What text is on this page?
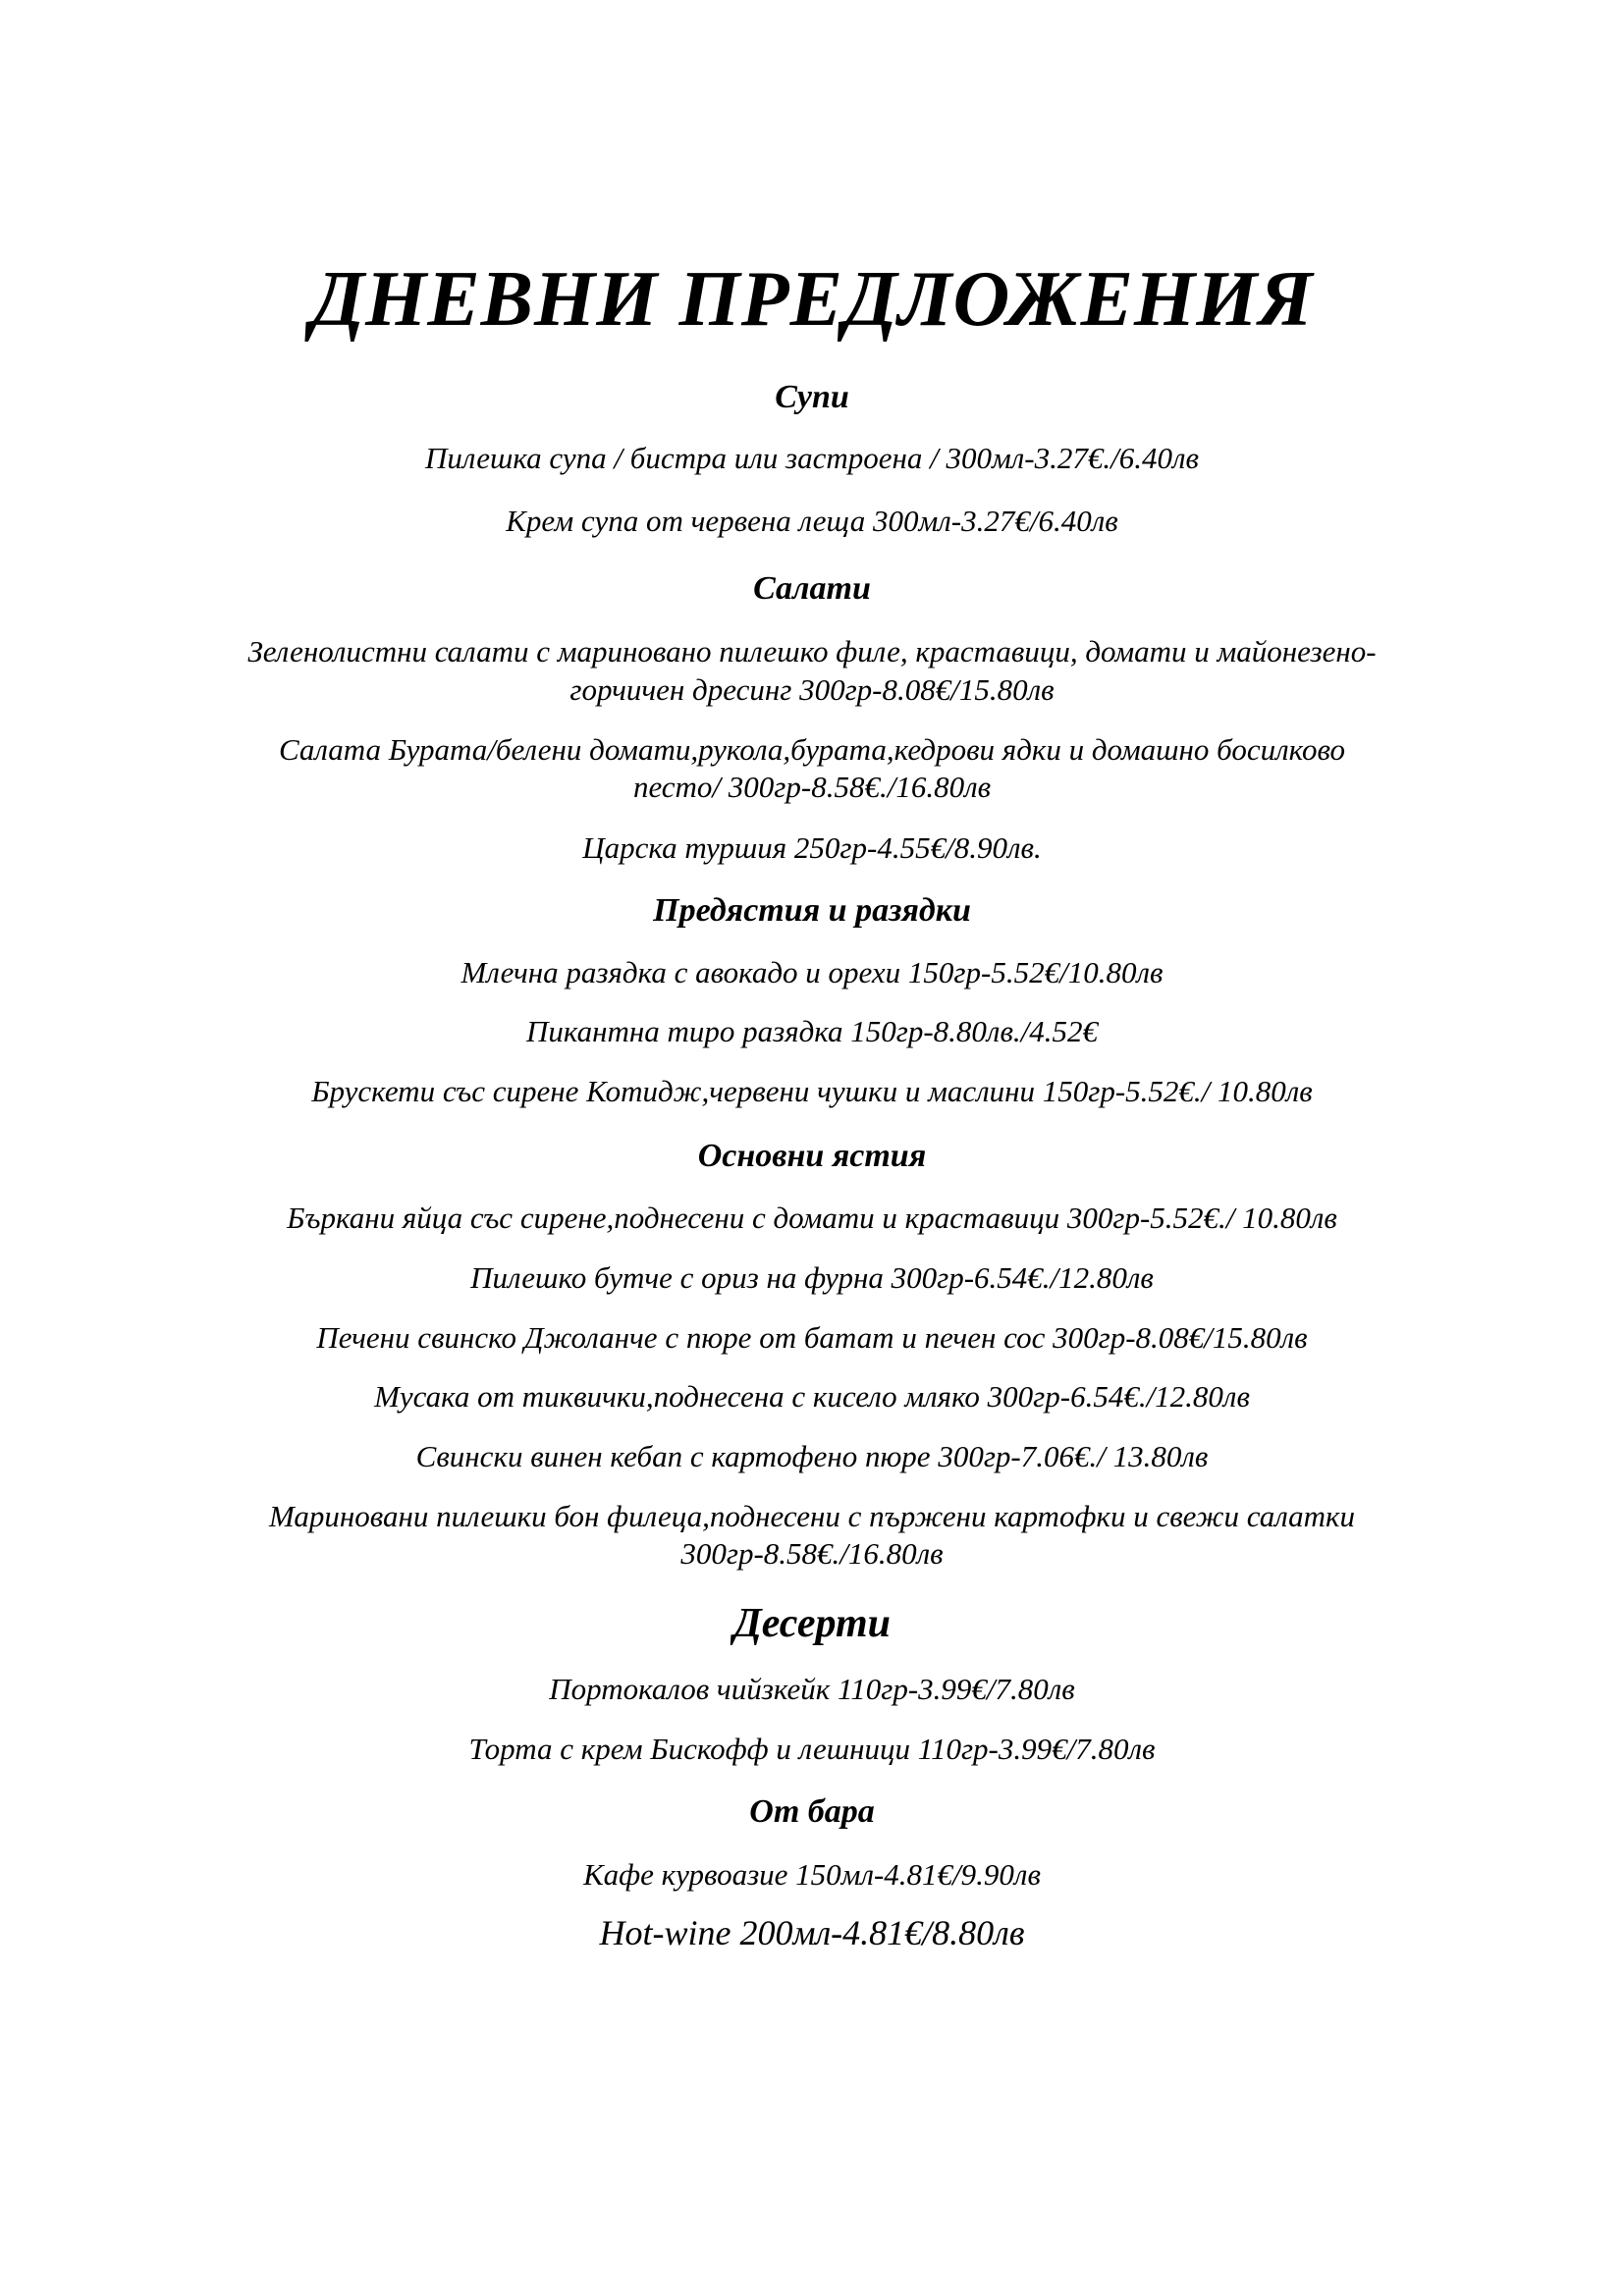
ДНЕВНИ ПРЕДЛОЖЕНИЯ
Супи
Пилешка супа / бистра или застроена / 300мл-3.27€./6.40лв
Крем супа от червена леща 300мл-3.27€/6.40лв
Салати
Зеленолистни салати с мариновано пилешко филе, краставици, домати и майонезено-
горчичен дресинг 300гр-8.08€/15.80лв
Салата Бурата/белени домати,рукола,бурата,кедрови ядки и домашно босилково
песто/ 300гр-8.58€./16.80лв
Царска туршия 250гр-4.55€/8.90лв.
Предястия и разядки
Млечна разядка с авокадо и орехи 150гр-5.52€/10.80лв
Пикантна тиро разядка 150гр-8.80лв./4.52€
Брускети със сирене Котидж,червени чушки и маслини 150гр-5.52€./ 10.80лв
Основни ястия
Бъркани яйца със сирене,поднесени с домати и краставици 300гр-5.52€./ 10.80лв
Пилешко бутче с ориз на фурна 300гр-6.54€./12.80лв
Печени свинско Джоланче с пюре от батат и печен сос 300гр-8.08€/15.80лв
Мусака от тиквички,поднесена с кисело мляко 300гр-6.54€./12.80лв
Свински винен кебап с картофено пюре 300гр-7.06€./ 13.80лв
Мариновани пилешки бон филеца,поднесени с пържени картофки и свежи салатки
300гр-8.58€./16.80лв
Десерти
Портокалов чийзкейк 110гр-3.99€/7.80лв
Торта с крем Бискофф и лешници 110гр-3.99€/7.80лв
От бара
Кафе курвоазие 150мл-4.81€/9.90лв
Hot-wine 200мл-4.81€/8.80лв
